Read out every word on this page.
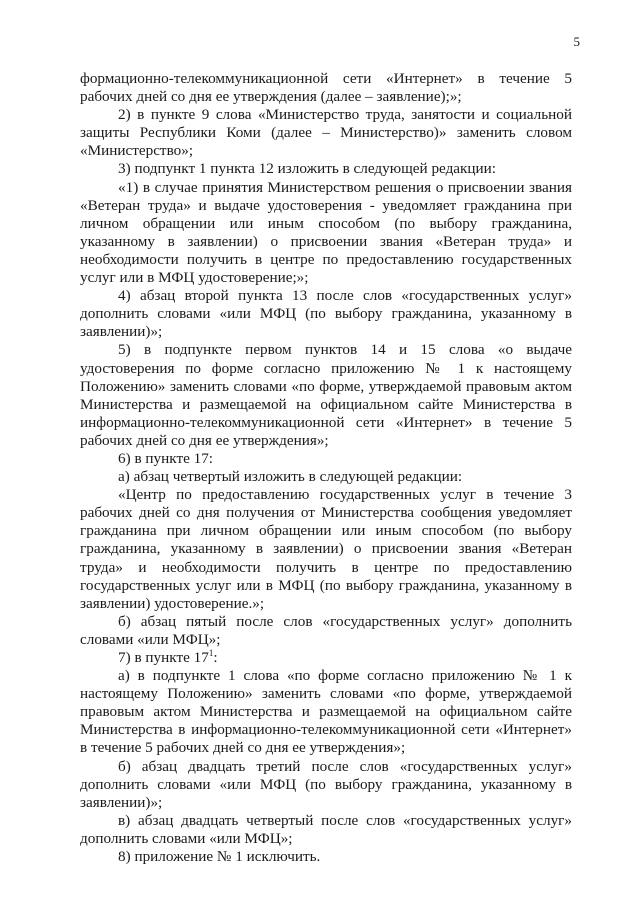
5

формационно-телекоммуникационной сети «Интернет» в течение 5 рабочих дней со дня ее утверждения (далее – заявление);»;

2) в пункте 9 слова «Министерство труда, занятости и социальной защиты Республики Коми (далее – Министерство)» заменить словом «Министерство»;

3) подпункт 1 пункта 12 изложить в следующей редакции:

«1) в случае принятия Министерством решения о присвоении звания «Ветеран труда» и выдаче удостоверения - уведомляет гражданина при личном обращении или иным способом (по выбору гражданина, указанному в заявлении) о присвоении звания «Ветеран труда» и необходимости получить в центре по предоставлению государственных услуг или в МФЦ удостоверение;»;

4) абзац второй пункта 13 после слов «государственных услуг» дополнить словами «или МФЦ (по выбору гражданина, указанному в заявлении)»;

5) в подпункте первом пунктов 14 и 15 слова «о выдаче удостоверения по форме согласно приложению № 1 к настоящему Положению» заменить словами «по форме, утверждаемой правовым актом Министерства и размещаемой на официальном сайте Министерства в информационно-телекоммуникационной сети «Интернет» в течение 5 рабочих дней со дня ее утверждения»;

6) в пункте 17:

а) абзац четвертый изложить в следующей редакции:

«Центр по предоставлению государственных услуг в течение 3 рабочих дней со дня получения от Министерства сообщения уведомляет гражданина при личном обращении или иным способом (по выбору гражданина, указанному в заявлении) о присвоении звания «Ветеран труда» и необходимости получить в центре по предоставлению государственных услуг или в МФЦ (по выбору гражданина, указанному в заявлении) удостоверение.»;

б) абзац пятый после слов «государственных услуг» дополнить словами «или МФЦ»;

7) в пункте $17^1$:

а) в подпункте 1 слова «по форме согласно приложению № 1 к настоящему Положению» заменить словами «по форме, утверждаемой правовым актом Министерства и размещаемой на официальном сайте Министерства в информационно-телекоммуникационной сети «Интернет» в течение 5 рабочих дней со дня ее утверждения»;

б) абзац двадцать третий после слов «государственных услуг» дополнить словами «или МФЦ (по выбору гражданина, указанному в заявлении)»;

в) абзац двадцать четвертый после слов «государственных услуг» дополнить словами «или МФЦ»;

8) приложение № 1 исключить.
